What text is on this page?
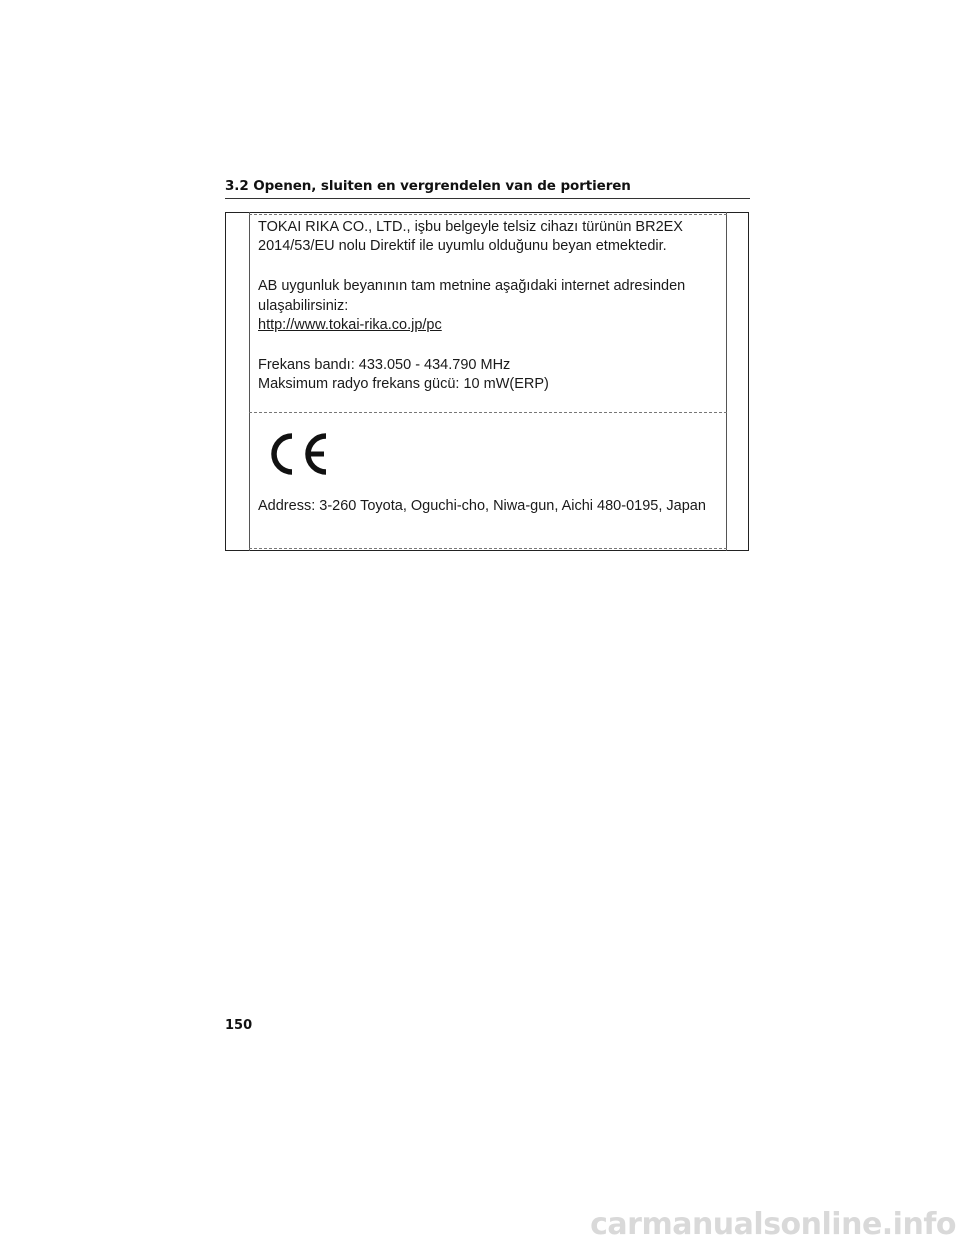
3.2 Openen, sluiten en vergrendelen van de portieren
TOKAI RIKA CO., LTD., işbu belgeyle telsiz cihazı türünün BR2EX
2014/53/EU nolu Direktif ile uyumlu olduğunu beyan etmektedir.
AB uygunluk beyanının tam metnine aşağıdaki internet adresinden
ulaşabilirsiniz:
http://www.tokai-rika.co.jp/pc
Frekans bandı: 433.050 - 434.790 MHz
Maksimum radyo frekans gücü: 10 mW(ERP)
Address: 3-260 Toyota, Oguchi-cho, Niwa-gun, Aichi 480-0195, Japan
150
carmanualsonline.info
